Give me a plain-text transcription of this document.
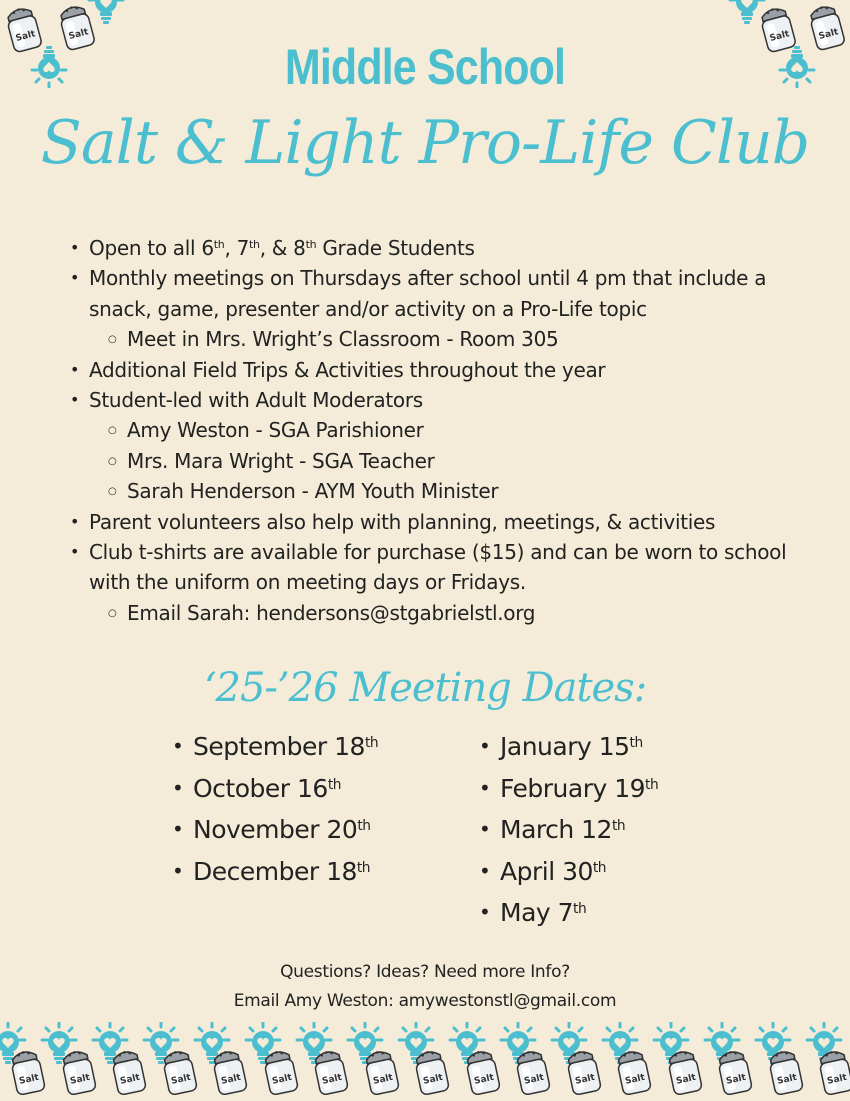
Salt	Salt	Salt	Salt
Salt	Salt	Salt	Salt	Salt	Salt	Salt	Salt	Salt	Salt	Salt	Salt	Salt	Salt	Salt	Salt	Salt
Middle School
Salt & Light Pro-Life Club
• Open to all 6th, 7th, & 8th Grade Students
• Monthly meetings on Thursdays after school until 4 pm that include a snack, game, presenter and/or activity on a Pro-Life topic
○ Meet in Mrs. Wright’s Classroom - Room 305
• Additional Field Trips & Activities throughout the year
• Student-led with Adult Moderators
○ Amy Weston - SGA Parishioner
○ Mrs. Mara Wright - SGA Teacher
○ Sarah Henderson - AYM Youth Minister
• Parent volunteers also help with planning, meetings, & activities
• Club t-shirts are available for purchase ($15) and can be worn to school with the uniform on meeting days or Fridays.
○ Email Sarah: hendersons@stgabrielstl.org
‘25-’26 Meeting Dates:
• September 18th
• October 16th
• November 20th
• December 18th
• January 15th
• February 19th
• March 12th
• April 30th
• May 7th
Questions? Ideas? Need more Info?
Email Amy Weston: amywestonstl@gmail.com
